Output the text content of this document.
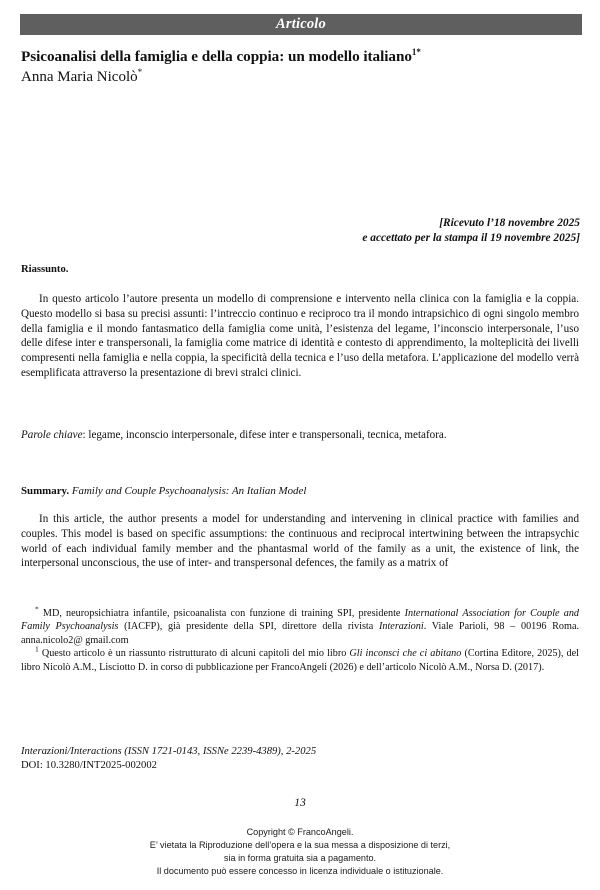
Articolo
Psicoanalisi della famiglia e della coppia: un modello italiano$^{1*}$

Anna Maria Nicolò*

[Ricevuto l’18 novembre 2025
e accettato per la stampa il 19 novembre 2025]
Riassunto.
In questo articolo l’autore presenta un modello di comprensione e intervento nella clinica con la famiglia e la coppia. Questo modello si basa su precisi assunti: l’intreccio continuo e reciproco tra il mondo intrapsichico di ogni singolo membro della famiglia e il mondo fantasmatico della famiglia come unità, l’esistenza del legame, l’inconscio interpersonale, l’uso delle difese inter e transpersonali, la famiglia come matrice di identità e contesto di apprendimento, la molteplicità dei livelli compresenti nella famiglia e nella coppia, la specificità della tecnica e l’uso della metafora. L’applicazione del modello verrà esemplificata attraverso la presentazione di brevi stralci clinici.
Parole chiave: legame, inconscio interpersonale, difese inter e transpersonali, tecnica, metafora.
Summary. Family and Couple Psychoanalysis: An Italian Model
In this article, the author presents a model for understanding and intervening in clinical practice with families and couples. This model is based on specific assumptions: the continuous and reciprocal intertwining between the intrapsychic world of each individual family member and the phantasmal world of the family as a unit, the existence of link, the interpersonal unconscious, the use of inter- and transpersonal defences, the family as a matrix of

* MD, neuropsichiatra infantile, psicoanalista con funzione di training SPI, presidente International Association for Couple and Family Psychoanalysis (IACFP), già presidente della SPI, direttore della rivista Interazioni. Viale Parioli, 98 – 00196 Roma. anna.nicolo2@ gmail.com

$^1$ Questo articolo è un riassunto ristrutturato di alcuni capitoli del mio libro Gli inconsci che ci abitano (Cortina Editore, 2025), del libro Nicolò A.M., Lisciotto D. in corso di pubblicazione per FrancoAngeli (2026) e dell’articolo Nicolò A.M., Norsa D. (2017).

Interazioni/Interactions (ISSN 1721-0143, ISSNe 2239-4389), 2-2025
DOI: 10.3280/INT2025-002002
13
Copyright © FrancoAngeli.
E’ vietata la Riproduzione dell’opera e la sua messa a disposizione di terzi,
sia in forma gratuita sia a pagamento.
Il documento può essere concesso in licenza individuale o istituzionale.
